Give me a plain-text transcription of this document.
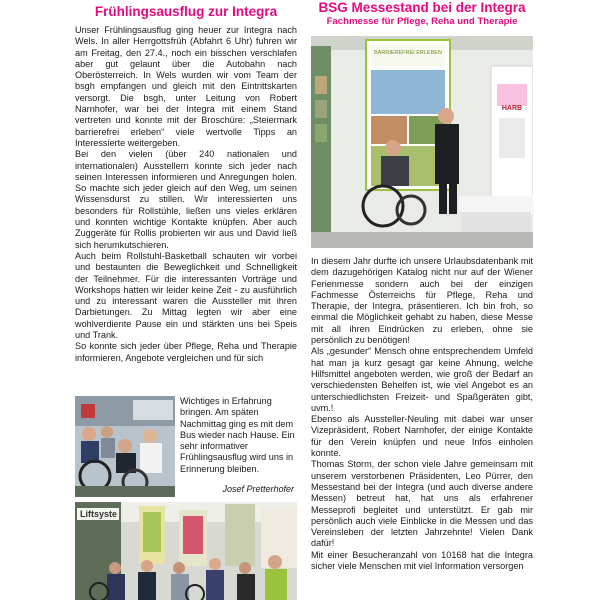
Frühlingsausflug zur Integra

Unser Frühlingsausflug ging heuer zur Integra nach Wels. In aller Herrgottsfrüh (Abfahrt 6 Uhr) fuhren wir am Freitag, den 27.4., noch ein bisschen verschlafen aber gut gelaunt über die Autobahn nach Oberösterreich. In Wels wurden wir vom Team der bsgh empfangen und gleich mit den Eintrittskarten versorgt. Die bsgh, unter Leitung von Robert Narnhofer, war bei der Integra mit einem Stand vertreten und konnte mit der Broschüre: „Steiermark barrierefrei erleben“ viele wertvolle Tipps an Interessierte weitergeben.

Bei den vielen (über 240 nationalen und internationalen) Ausstellern konnte sich jeder nach seinen Interessen informieren und Anregungen holen. So machte sich jeder gleich auf den Weg, um seinen Wissensdurst zu stillen. Wir interessierten uns besonders für Rollstühle, ließen uns vieles erklären und konnten wichtige Kontakte knüpfen. Aber auch Zuggeräte für Rollis probierten wir aus und David ließ sich herumkutschieren.

Auch beim Rollstuhl-Basketball schauten wir vorbei und bestaunten die Beweglichkeit und Schnelligkeit der Teilnehmer. Für die interessanten Vorträge und Workshops hatten wir leider keine Zeit - zu ausführlich und zu interessant waren die Aussteller mit ihren Darbietungen. Zu Mittag legten wir aber eine wohlverdiente Pause ein und stärkten uns bei Speis und Trank.

So konnte sich jeder über Pflege, Reha und Therapie informieren, Angebote vergleichen und für sich

Wichtiges in Erfahrung bringen. Am späten Nachmittag ging es mit dem Bus wieder nach Hause. Ein sehr informativer Frühlingsausflug wird uns in Erinnerung bleiben.
Josef Pretterhofer
Liftsyste
BSG Messestand bei der Integra
Fachmesse für Pflege, Reha und Therapie
BARRIEREFREI ERLEBEN
HARB

In diesem Jahr durfte ich unsere Urlaubsdatenbank mit dem dazugehörigen Katalog nicht nur auf der Wiener Ferienmesse sondern auch bei der einzigen Fachmesse Österreichs für Pflege, Reha und Therapie, der Integra, präsentieren. Ich bin froh, so einmal die Möglichkeit gehabt zu haben, diese Messe mit all ihren Eindrücken zu erleben, ohne sie persönlich zu benötigen!

Als „gesunder“ Mensch ohne entsprechendem Umfeld hat man ja kurz gesagt gar keine Ahnung, welche Hilfsmittel angeboten werden, wie groß der Bedarf an verschiedensten Behelfen ist, wie viel Angebot es an unterschiedlichsten Freizeit- und Spaßgeräten gibt, uvm.!

Ebenso als Aussteller-Neuling mit dabei war unser Vizepräsident, Robert Narnhofer, der einige Kontakte für den Verein knüpfen und neue Infos einholen konnte.

Thomas Storm, der schon viele Jahre gemeinsam mit unserem verstorbenen Präsidenten, Leo Pürrer, den Messestand bei der Integra (und auch diverse andere Messen) betreut hat, hat uns als erfahrener Messeprofi begleitet und unterstützt. Er gab mir persönlich auch viele Einblicke in die Messen und das Vereinsleben der letzten Jahrzehnte! Vielen Dank dafür!

Mit einer Besucheranzahl von 10168 hat die Integra sicher viele Menschen mit viel Information versorgen
